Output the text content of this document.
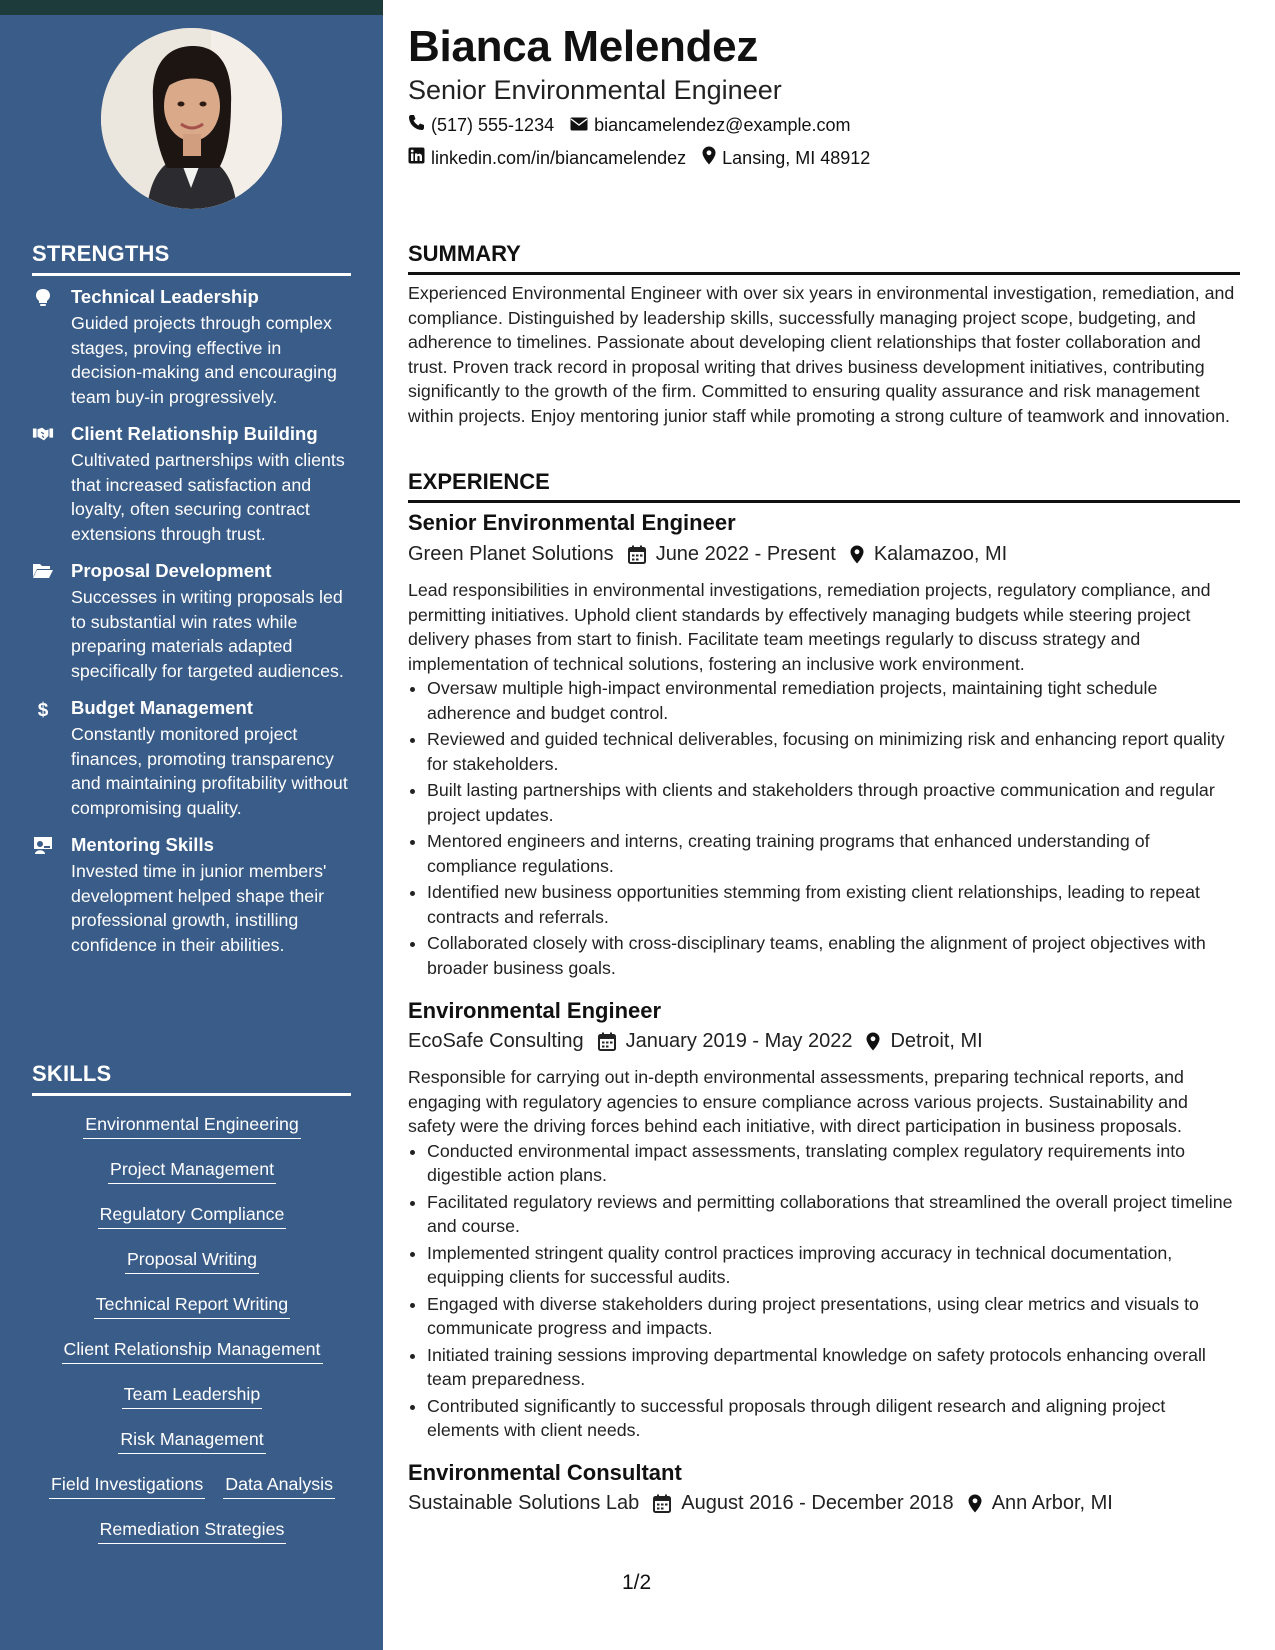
STRENGTHS
Technical Leadership
Guided projects through complex stages, proving effective in decision-making and encouraging team buy-in progressively.
Client Relationship Building
Cultivated partnerships with clients that increased satisfaction and loyalty, often securing contract extensions through trust.
Proposal Development
Successes in writing proposals led to substantial win rates while preparing materials adapted specifically for targeted audiences.
$ Budget Management
Constantly monitored project finances, promoting transparency and maintaining profitability without compromising quality.
Mentoring Skills
Invested time in junior members' development helped shape their professional growth, instilling confidence in their abilities.
SKILLS
Environmental Engineering
Project Management
Regulatory Compliance
Proposal Writing
Technical Report Writing
Client Relationship Management
Team Leadership
Risk Management
Field Investigations Data Analysis
Remediation Strategies
Bianca Melendez
Senior Environmental Engineer
(517) 555-1234 biancamelendez@example.com
linkedin.com/in/biancamelendez Lansing, MI 48912
SUMMARY
Experienced Environmental Engineer with over six years in environmental investigation, remediation, and compliance. Distinguished by leadership skills, successfully managing project scope, budgeting, and adherence to timelines. Passionate about developing client relationships that foster collaboration and trust. Proven track record in proposal writing that drives business development initiatives, contributing significantly to the growth of the firm. Committed to ensuring quality assurance and risk management within projects. Enjoy mentoring junior staff while promoting a strong culture of teamwork and innovation.
EXPERIENCE
Senior Environmental Engineer
Green Planet Solutions June 2022 - Present Kalamazoo, MI

Lead responsibilities in environmental investigations, remediation projects, regulatory compliance, and permitting initiatives. Uphold client standards by effectively managing budgets while steering project delivery phases from start to finish. Facilitate team meetings regularly to discuss strategy and implementation of technical solutions, fostering an inclusive work environment.

• Oversaw multiple high-impact environmental remediation projects, maintaining tight schedule adherence and budget control.
• Reviewed and guided technical deliverables, focusing on minimizing risk and enhancing report quality for stakeholders.
• Built lasting partnerships with clients and stakeholders through proactive communication and regular project updates.
• Mentored engineers and interns, creating training programs that enhanced understanding of compliance regulations.
• Identified new business opportunities stemming from existing client relationships, leading to repeat contracts and referrals.
• Collaborated closely with cross-disciplinary teams, enabling the alignment of project objectives with broader business goals.
Environmental Engineer
EcoSafe Consulting January 2019 - May 2022 Detroit, MI

Responsible for carrying out in-depth environmental assessments, preparing technical reports, and engaging with regulatory agencies to ensure compliance across various projects. Sustainability and safety were the driving forces behind each initiative, with direct participation in business proposals.

• Conducted environmental impact assessments, translating complex regulatory requirements into digestible action plans.
• Facilitated regulatory reviews and permitting collaborations that streamlined the overall project timeline and course.
• Implemented stringent quality control practices improving accuracy in technical documentation, equipping clients for successful audits.
• Engaged with diverse stakeholders during project presentations, using clear metrics and visuals to communicate progress and impacts.
• Initiated training sessions improving departmental knowledge on safety protocols enhancing overall team preparedness.
• Contributed significantly to successful proposals through diligent research and aligning project elements with client needs.
Environmental Consultant
Sustainable Solutions Lab August 2016 - December 2018 Ann Arbor, MI
1/2
